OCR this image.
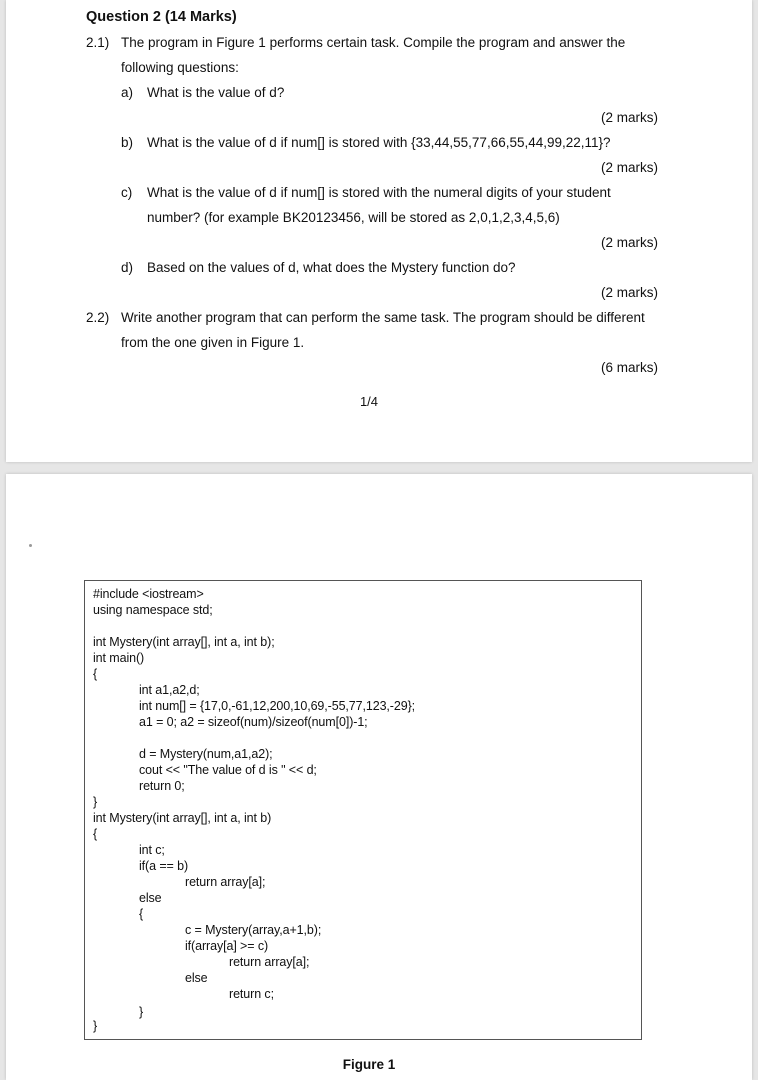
Question 2 (14 Marks)
2.1) The program in Figure 1 performs certain task. Compile the program and answer the
following questions:
a) What is the value of d?
(2 marks)
b) What is the value of d if num[] is stored with {33,44,55,77,66,55,44,99,22,11}?
(2 marks)
c) What is the value of d if num[] is stored with the numeral digits of your student
number? (for example BK20123456, will be stored as 2,0,1,2,3,4,5,6)
(2 marks)
d) Based on the values of d, what does the Mystery function do?
(2 marks)
2.2) Write another program that can perform the same task. The program should be different
from the one given in Figure 1.
(6 marks)
1/4
#include <iostream>
using namespace std;
int Mystery(int array[], int a, int b);
int main()
{
int a1,a2,d;
int num[] = {17,0,-61,12,200,10,69,-55,77,123,-29};
a1 = 0; a2 = sizeof(num)/sizeof(num[0])-1;
d = Mystery(num,a1,a2);
cout << "The value of d is " << d;
return 0;
}
int Mystery(int array[], int a, int b)
{
int c;
if(a == b)
return array[a];
else
{
c = Mystery(array,a+1,b);
if(array[a] >= c)
return array[a];
else
return c;
}
}
Figure 1
